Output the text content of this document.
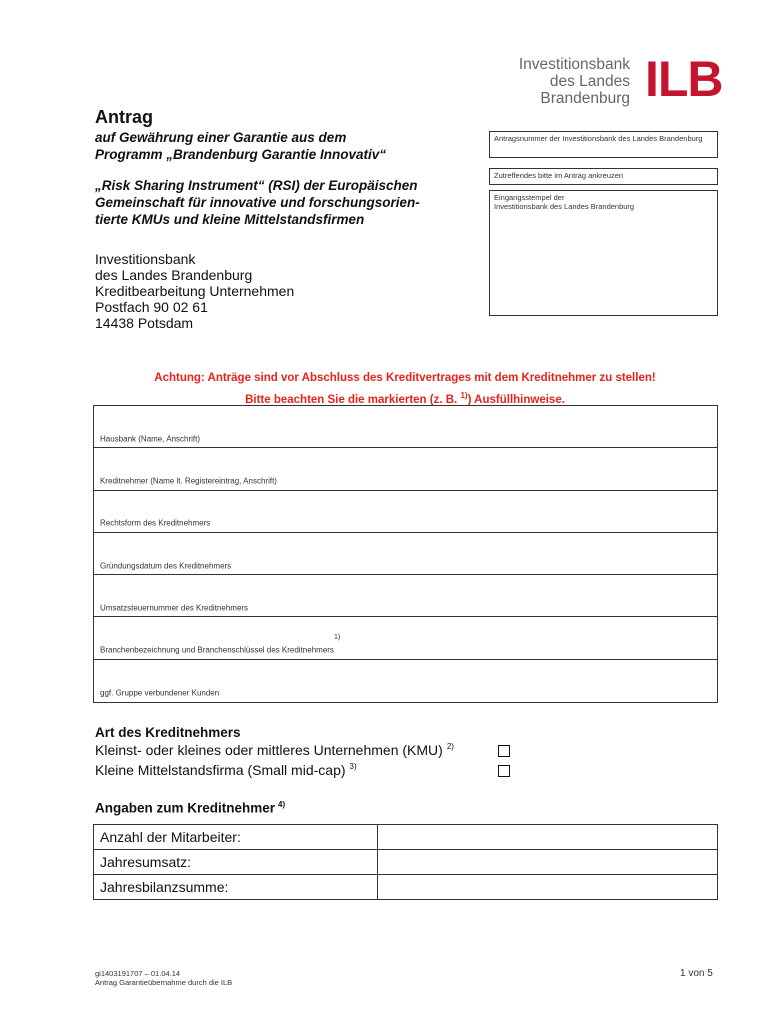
Investitionsbank
des Landes
Brandenburg ILB
Antrag
auf Gewährung einer Garantie aus dem
Programm „Brandenburg Garantie Innovativ“
„Risk Sharing Instrument“ (RSI) der Europäischen
Gemeinschaft für innovative und forschungsorien-
tierte KMUs und kleine Mittelstandsfirmen
Investitionsbank
des Landes Brandenburg
Kreditbearbeitung Unternehmen
Postfach 90 02 61
14438 Potsdam
Antragsnummer der Investitionsbank des Landes Brandenburg
Zutreffendes bitte im Antrag ankreuzen
Eingangsstempel der
Investitionsbank des Landes Brandenburg
Achtung: Anträge sind vor Abschluss des Kreditvertrages mit dem Kreditnehmer zu stellen!
Bitte beachten Sie die markierten (z. B. $^{1)}$) Ausfüllhinweise.
Hausbank (Name, Anschrift)
Kreditnehmer (Name lt. Registereintrag, Anschrift)
Rechtsform des Kreditnehmers
Gründungsdatum des Kreditnehmers
Umsatzsteuernummer des Kreditnehmers
Branchenbezeichnung und Branchenschlüssel des Kreditnehmers$^{1)}$
ggf. Gruppe verbundener Kunden
Art des Kreditnehmers
Kleinst- oder kleines oder mittleres Unternehmen (KMU) $^{2)}$
Kleine Mittelstandsfirma (Small mid-cap) $^{3)}$
Angaben zum Kreditnehmer $^{4)}$
Anzahl der Mitarbeiter:	
Jahresumsatz:	
Jahresbilanzsumme:	
gi1403191707 – 01.04.14
Antrag Garantieübernahme durch die ILB
1 von 5
